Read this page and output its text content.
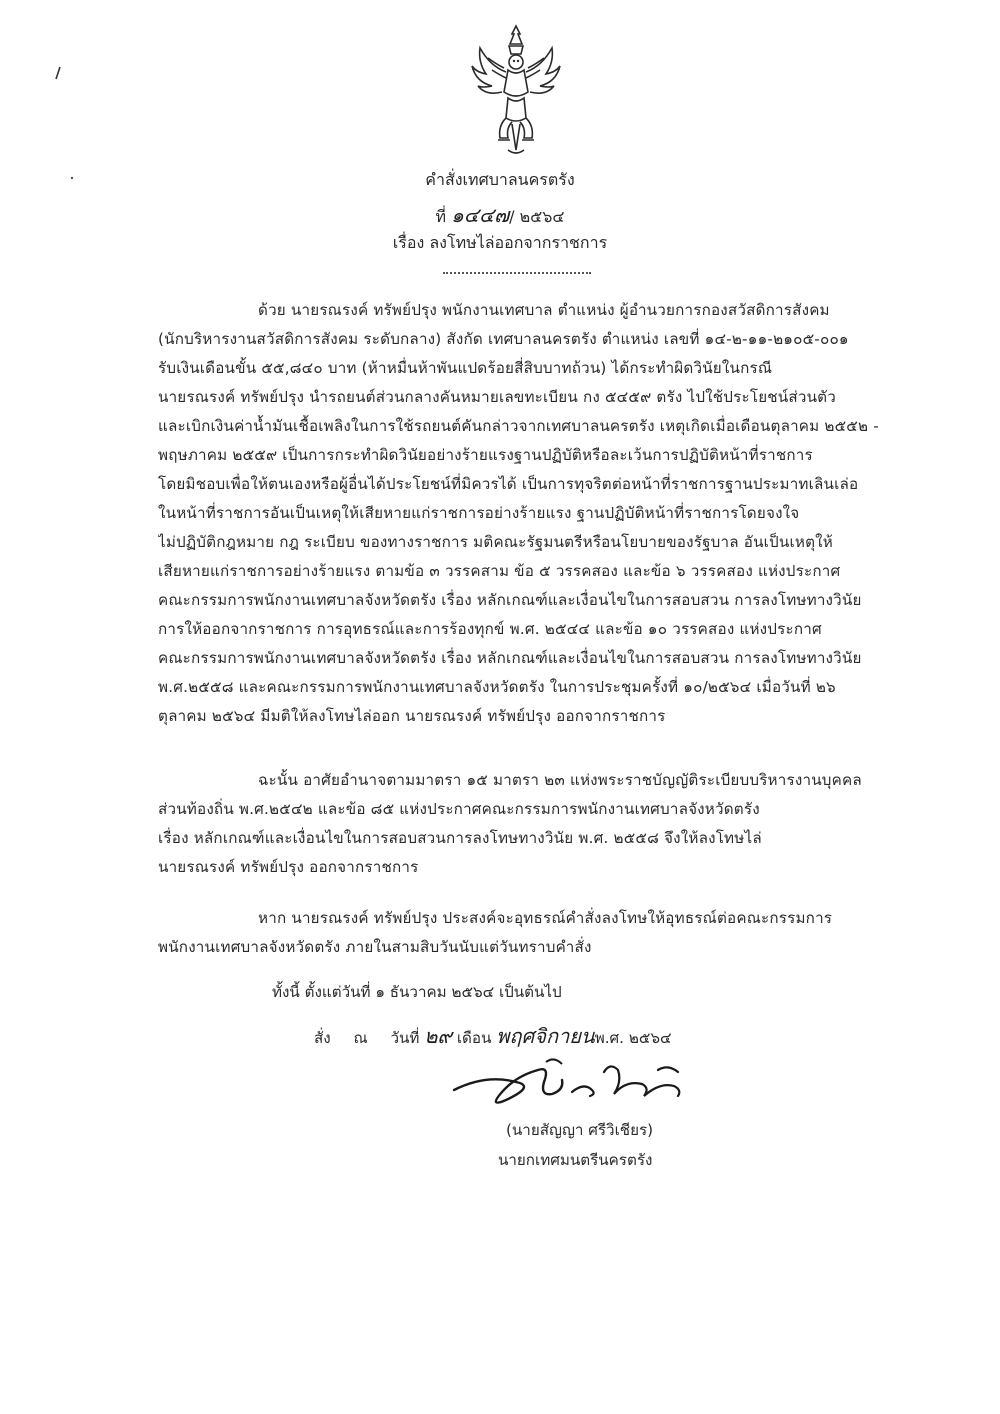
คำสั่งเทศบาลนครตรัง
ที่ ๑๔๔๗/ ๒๕๖๔
เรื่อง ลงโทษไล่ออกจากราชการ
ด้วย นายรณรงค์ ทรัพย์ปรุง พนักงานเทศบาล ตำแหน่ง ผู้อำนวยการกองสวัสดิการสังคม
(นักบริหารงานสวัสดิการสังคม ระดับกลาง) สังกัด เทศบาลนครตรัง ตำแหน่ง เลขที่ ๑๔-๒-๑๑-๒๑๐๕-๐๐๑
รับเงินเดือนขั้น ๕๕,๘๔๐ บาท (ห้าหมื่นห้าพันแปดร้อยสี่สิบบาทถ้วน) ได้กระทำผิดวินัยในกรณี
นายรณรงค์ ทรัพย์ปรุง นำรถยนต์ส่วนกลางคันหมายเลขทะเบียน กง ๕๔๕๙ ตรัง ไปใช้ประโยชน์ส่วนตัว
และเบิกเงินค่าน้ำมันเชื้อเพลิงในการใช้รถยนต์คันกล่าวจากเทศบาลนครตรัง เหตุเกิดเมื่อเดือนตุลาคม ๒๕๕๒ -
พฤษภาคม ๒๕๕๙ เป็นการกระทำผิดวินัยอย่างร้ายแรงฐานปฏิบัติหรือละเว้นการปฏิบัติหน้าที่ราชการ
โดยมิชอบเพื่อให้ตนเองหรือผู้อื่นได้ประโยชน์ที่มิควรได้ เป็นการทุจริตต่อหน้าที่ราชการฐานประมาทเลินเล่อ
ในหน้าที่ราชการอันเป็นเหตุให้เสียหายแก่ราชการอย่างร้ายแรง ฐานปฏิบัติหน้าที่ราชการโดยจงใจ
ไม่ปฏิบัติกฎหมาย กฎ ระเบียบ ของทางราชการ มติคณะรัฐมนตรีหรือนโยบายของรัฐบาล อันเป็นเหตุให้
เสียหายแก่ราชการอย่างร้ายแรง ตามข้อ ๓ วรรคสาม ข้อ ๕ วรรคสอง และข้อ ๖ วรรคสอง แห่งประกาศ
คณะกรรมการพนักงานเทศบาลจังหวัดตรัง เรื่อง หลักเกณฑ์และเงื่อนไขในการสอบสวน การลงโทษทางวินัย
การให้ออกจากราชการ การอุทธรณ์และการร้องทุกข์ พ.ศ. ๒๕๔๔ และข้อ ๑๐ วรรคสอง แห่งประกาศ
คณะกรรมการพนักงานเทศบาลจังหวัดตรัง เรื่อง หลักเกณฑ์และเงื่อนไขในการสอบสวน การลงโทษทางวินัย
พ.ศ.๒๕๕๘ และคณะกรรมการพนักงานเทศบาลจังหวัดตรัง ในการประชุมครั้งที่ ๑๐/๒๕๖๔ เมื่อวันที่ ๒๖
ตุลาคม ๒๕๖๔ มีมติให้ลงโทษไล่ออก นายรณรงค์ ทรัพย์ปรุง ออกจากราชการ
ฉะนั้น อาศัยอำนาจตามมาตรา ๑๕ มาตรา ๒๓ แห่งพระราชบัญญัติระเบียบบริหารงานบุคคล
ส่วนท้องถิ่น พ.ศ.๒๕๔๒ และข้อ ๘๕ แห่งประกาศคณะกรรมการพนักงานเทศบาลจังหวัดตรัง
เรื่อง หลักเกณฑ์และเงื่อนไขในการสอบสวนการลงโทษทางวินัย พ.ศ. ๒๕๕๘ จึงให้ลงโทษไล่
นายรณรงค์ ทรัพย์ปรุง ออกจากราชการ
หาก นายรณรงค์ ทรัพย์ปรุง ประสงค์จะอุทธรณ์คำสั่งลงโทษให้อุทธรณ์ต่อคณะกรรมการ
พนักงานเทศบาลจังหวัดตรัง ภายในสามสิบวันนับแต่วันทราบคำสั่ง
ทั้งนี้ ตั้งแต่วันที่ ๑ ธันวาคม ๒๕๖๔ เป็นต้นไป
สั่ง ณ วันที่ ๒๙ เดือน พฤศจิกายนพ.ศ. ๒๕๖๔
(นายสัญญา ศรีวิเชียร)
นายกเทศมนตรีนครตรัง
